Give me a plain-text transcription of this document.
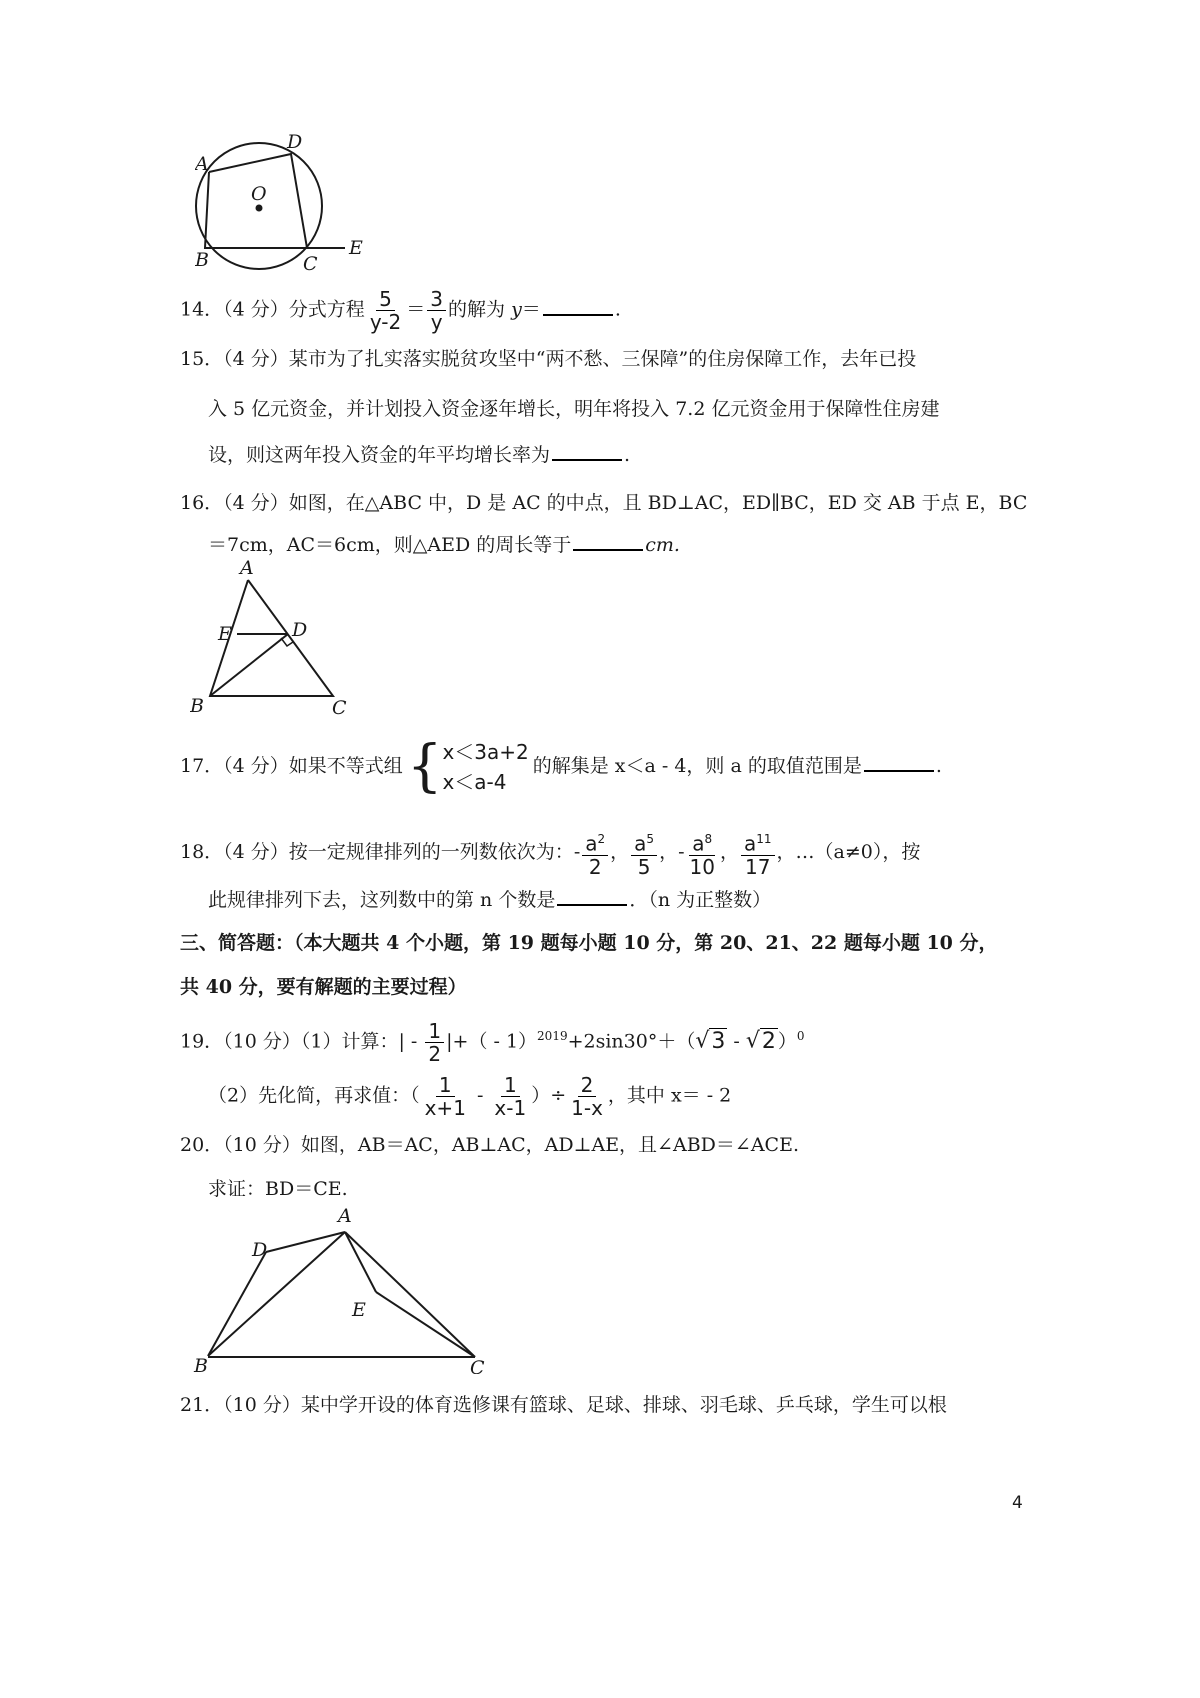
A
D
O
B	C
E
14．（4 分）分式方程 $\frac{5}{y-2} = \frac{3}{y}$ 的解为 y＝	.
15．（4 分）某市为了扎实落实脱贫攻坚中“两不愁、三保障”的住房保障工作，去年已投
入 5 亿元资金，并计划投入资金逐年增长，明年将投入 7.2 亿元资金用于保障性住房建
设，则这两年投入资金的年平均增长率为	.
16．（4 分）如图，在△ABC 中，D 是 AC 的中点，且 BD⊥AC，ED∥BC，ED 交 AB 于点 E，BC
＝7cm，AC＝6cm，则△AED 的周长等于	cm.
A
E	D
B	C
17．（4 分）如果不等式组 { x＜3a+2
x＜a-4
的解集是 x＜a - 4，则 a 的取值范围是	.
18．（4 分）按一定规律排列的一列数依次为：- $\frac{a^2}{2}$ ， $\frac{a^5}{5}$ ，- $\frac{a^8}{10}$ ， $\frac{a^{11}}{17}$ ，…（a≠0），按
此规律排列下去，这列数中的第 n 个数是	．（n 为正整数）
三、简答题：（本大题共 4 个小题，第 19 题每小题 10 分，第 20、21、22 题每小题 10 分，
共 40 分，要有解题的主要过程）
19．（10 分）（1）计算：| - $\frac{1}{2}$ |+（ - 1）$^{2019}$+2sin30°＋（√3 - √2 ）$^0$
（2）先化简，再求值：（ $\frac{1}{x+1} - \frac{1}{x-1}$ ）÷ $\frac{2}{1-x}$ ，其中 x＝ - 2
20．（10 分）如图，AB＝AC，AB⊥AC，AD⊥AE，且∠ABD＝∠ACE.
求证：BD＝CE.
A
D
E
B	C
21．（10 分）某中学开设的体育选修课有篮球、足球、排球、羽毛球、乒乓球，学生可以根
4
